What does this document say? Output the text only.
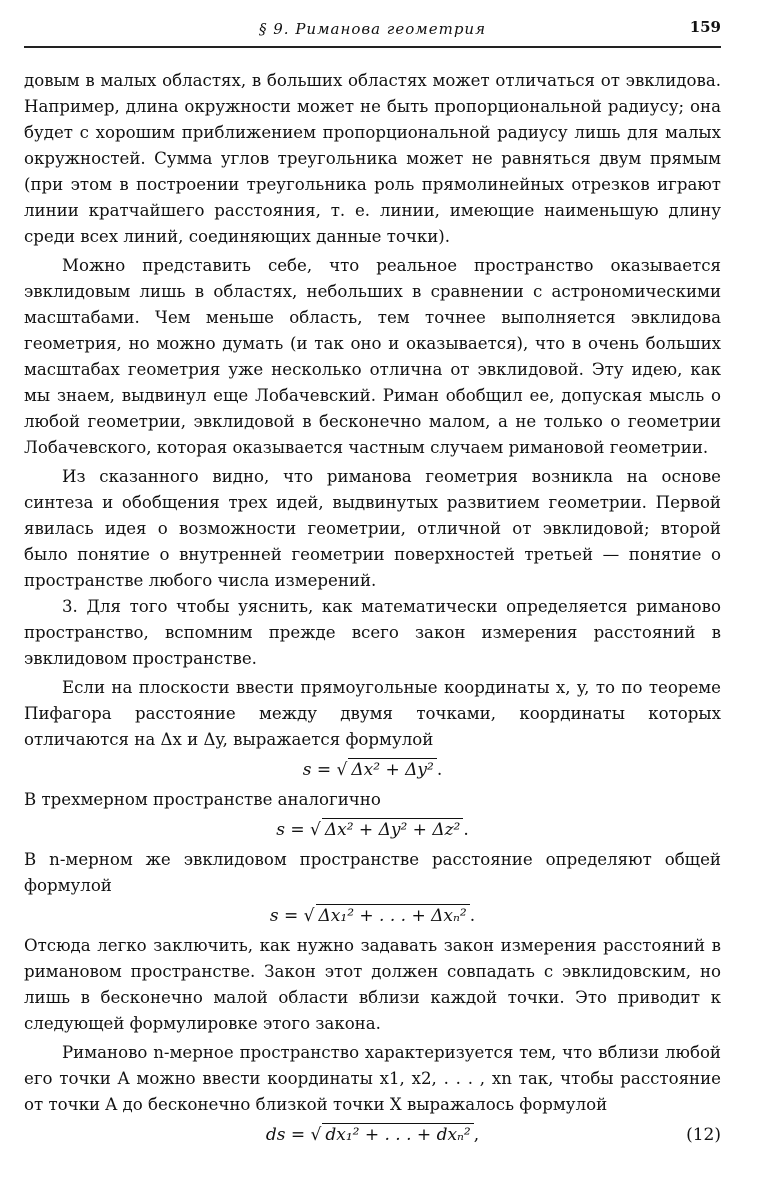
§ 9. Риманова геометрия	159

довым в малых областях, в больших областях может отличаться от эвклидова. Например, длина окружности может не быть пропорциональной радиусу; она будет с хорошим приближением пропорциональной радиусу лишь для малых окружностей. Сумма углов треугольника может не равняться двум прямым (при этом в построении треугольника роль прямолинейных отрезков играют линии кратчайшего расстояния, т. е. линии, имеющие наименьшую длину среди всех линий, соединяющих данные точки).

Можно представить себе, что реальное пространство оказывается эвклидовым лишь в областях, небольших в сравнении с астрономическими масштабами. Чем меньше область, тем точнее выполняется эвклидова геометрия, но можно думать (и так оно и оказывается), что в очень больших масштабах геометрия уже несколько отлична от эвклидовой. Эту идею, как мы знаем, выдвинул еще Лобачевский. Риман обобщил ее, допуская мысль о любой геометрии, эвклидовой в бесконечно малом, а не только о геометрии Лобачевского, которая оказывается частным случаем римановой геометрии.

Из сказанного видно, что риманова геометрия возникла на основе синтеза и обобщения трех идей, выдвинутых развитием геометрии. Первой явилась идея о возможности геометрии, отличной от эвклидовой; второй было понятие о внутренней геометрии поверхностей третьей — понятие о пространстве любого числа измерений.

3. Для того чтобы уяснить, как математически определяется риманово пространство, вспомним прежде всего закон измерения расстояний в эвклидовом пространстве.

Если на плоскости ввести прямоугольные координаты x, y, то по теореме Пифагора расстояние между двумя точками, координаты которых отличаются на Δx и Δy, выражается формулой

s = √ Δx² + Δy² .

В трехмерном пространстве аналогично

s = √ Δx² + Δy² + Δz² .

В n-мерном же эвклидовом пространстве расстояние определяют общей формулой

s = √ Δx₁² + . . . + Δxₙ² .

Отсюда легко заключить, как нужно задавать закон измерения расстояний в римановом пространстве. Закон этот должен совпадать с эвклидовским, но лишь в бесконечно малой области вблизи каждой точки. Это приводит к следующей формулировке этого закона.

Риманово n-мерное пространство характеризуется тем, что вблизи любой его точки A можно ввести координаты x1, x2, . . . , xn так, чтобы расстояние от точки A до бесконечно близкой точки X выражалось формулой

ds = √ dx₁² + . . . + dxₙ² ,	(12)
